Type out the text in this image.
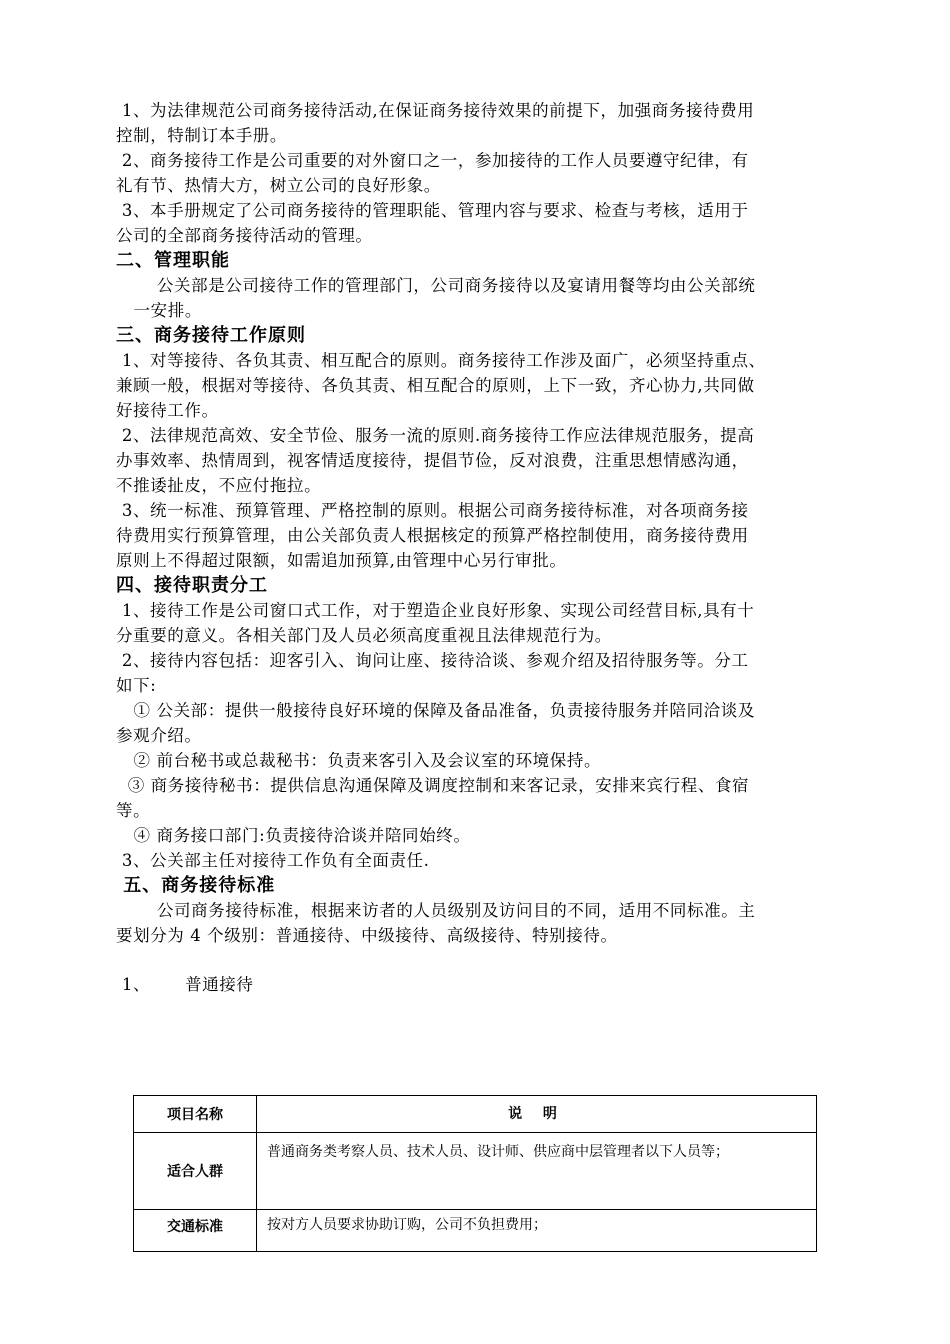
1、为法律规范公司商务接待活动,在保证商务接待效果的前提下，加强商务接待费用
控制，特制订本手册。
2、商务接待工作是公司重要的对外窗口之一，参加接待的工作人员要遵守纪律，有
礼有节、热情大方，树立公司的良好形象。
3、本手册规定了公司商务接待的管理职能、管理内容与要求、检查与考核，适用于
公司的全部商务接待活动的管理。
二、管理职能
公关部是公司接待工作的管理部门，公司商务接待以及宴请用餐等均由公关部统
一安排。
三、商务接待工作原则
1、对等接待、各负其责、相互配合的原则。商务接待工作涉及面广，必须坚持重点、
兼顾一般，根据对等接待、各负其责、相互配合的原则，上下一致，齐心协力,共同做
好接待工作。
2、法律规范高效、安全节俭、服务一流的原则.商务接待工作应法律规范服务，提高
办事效率、热情周到，视客情适度接待，提倡节俭，反对浪费，注重思想情感沟通，
不推诿扯皮，不应付拖拉。
3、统一标准、预算管理、严格控制的原则。根据公司商务接待标准，对各项商务接
待费用实行预算管理，由公关部负责人根据核定的预算严格控制使用，商务接待费用
原则上不得超过限额，如需追加预算,由管理中心另行审批。
四、接待职责分工
1、接待工作是公司窗口式工作，对于塑造企业良好形象、实现公司经营目标,具有十
分重要的意义。各相关部门及人员必须高度重视且法律规范行为。
2、接待内容包括：迎客引入、询问让座、接待洽谈、参观介绍及招待服务等。分工
如下:
① 公关部：提供一般接待良好环境的保障及备品准备，负责接待服务并陪同洽谈及
参观介绍。
② 前台秘书或总裁秘书：负责来客引入及会议室的环境保持。
③ 商务接待秘书：提供信息沟通保障及调度控制和来客记录，安排来宾行程、食宿
等。
④ 商务接口部门:负责接待洽谈并陪同始终。
3、公关部主任对接待工作负有全面责任.
五、商务接待标准
公司商务接待标准，根据来访者的人员级别及访问目的不同，适用不同标准。主
要划分为 4 个级别：普通接待、中级接待、高级接待、特别接待。
1、      普通接待
项目名称	说 明
适合人群	普通商务类考察人员、技术人员、设计师、供应商中层管理者以下人员等；
交通标准	按对方人员要求协助订购，公司不负担费用；
